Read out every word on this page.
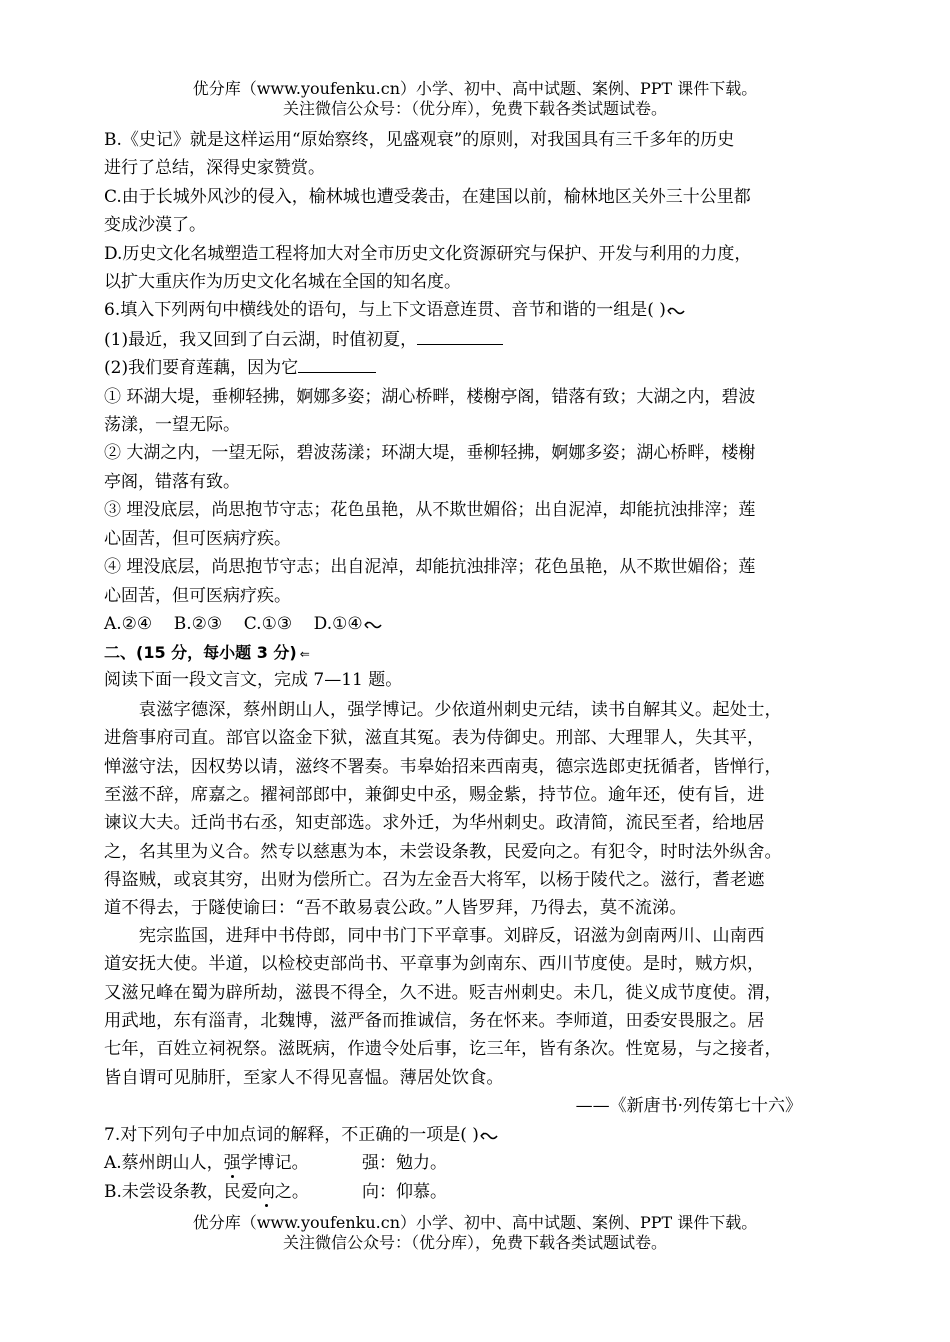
优分库（www.youfenku.cn）小学、初中、高中试题、案例、PPT 课件下载。
关注微信公众号：（优分库），免费下载各类试题试卷。
B.《史记》就是这样运用“原始察终，见盛观衰”的原则，对我国具有三千多年的历史
进行了总结，深得史家赞赏。
C.由于长城外风沙的侵入，榆林城也遭受袭击，在建国以前，榆林地区关外三十公里都
变成沙漠了。
D.历史文化名城塑造工程将加大对全市历史文化资源研究与保护、开发与利用的力度，
以扩大重庆作为历史文化名城在全国的知名度。
6.填入下列两句中横线处的语句，与上下文语意连贯、音节和谐的一组是( )
(1)最近，我又回到了白云湖，时值初夏，
(2)我们要育莲藕，因为它
① 环湖大堤，垂柳轻拂，婀娜多姿；湖心桥畔，楼榭亭阁，错落有致；大湖之内，碧波
荡漾，一望无际。
② 大湖之内，一望无际，碧波荡漾；环湖大堤，垂柳轻拂，婀娜多姿；湖心桥畔，楼榭
亭阁，错落有致。
③ 埋没底层，尚思抱节守志；花色虽艳，从不欺世媚俗；出自泥淖，却能抗浊排滓；莲
心固苦，但可医病疗疾。
④ 埋没底层，尚思抱节守志；出自泥淖，却能抗浊排滓；花色虽艳，从不欺世媚俗；莲
心固苦，但可医病疗疾。
A.②④    B.②③    C.①③    D.①④
二、(15 分，每小题 3 分) ⇐
阅读下面一段文言文，完成 7—11 题。
　　袁滋字德深，蔡州朗山人，强学博记。少依道州刺史元结，读书自解其义。起处士，
进詹事府司直。部官以盗金下狱，滋直其冤。表为侍御史。刑部、大理罪人，失其平，
惮滋守法，因权势以请，滋终不署奏。韦皋始招来西南夷，德宗选郎吏抚循者，皆惮行，
至滋不辞，席嘉之。擢祠部郎中，兼御史中丞，赐金紫，持节位。逾年还，使有旨，进
谏议大夫。迁尚书右丞，知吏部选。求外迁，为华州刺史。政清简，流民至者，给地居
之，名其里为义合。然专以慈惠为本，未尝设条教，民爱向之。有犯令，时时法外纵舍。
得盗贼，或哀其穷，出财为偿所亡。召为左金吾大将军，以杨于陵代之。滋行，耆老遮
道不得去，于隧使谕曰：“吾不敢易袁公政。”人皆罗拜，乃得去，莫不流涕。
　　宪宗监国，进拜中书侍郎，同中书门下平章事。刘辟反，诏滋为剑南两川、山南西
道安抚大使。半道，以检校吏部尚书、平章事为剑南东、西川节度使。是时，贼方炽，
又滋兄峰在蜀为辟所劫，滋畏不得全，久不进。贬吉州刺史。未几，徙义成节度使。渭，
用武地，东有淄青，北魏博，滋严备而推诚信，务在怀来。李师道，田委安畏服之。居
七年，百姓立祠祝祭。滋既病，作遗令处后事，讫三年，皆有条次。性宽易，与之接者，
皆自谓可见肺肝，至家人不得见喜愠。薄居处饮食。
——《新唐书·列传第七十六》
7.对下列句子中加点词的解释，不正确的一项是( )
A.蔡州朗山人，强学博记。	强：勉力。
B.未尝设条教，民爱向之。	向：仰慕。
优分库（www.youfenku.cn）小学、初中、高中试题、案例、PPT 课件下载。
关注微信公众号：（优分库），免费下载各类试题试卷。
